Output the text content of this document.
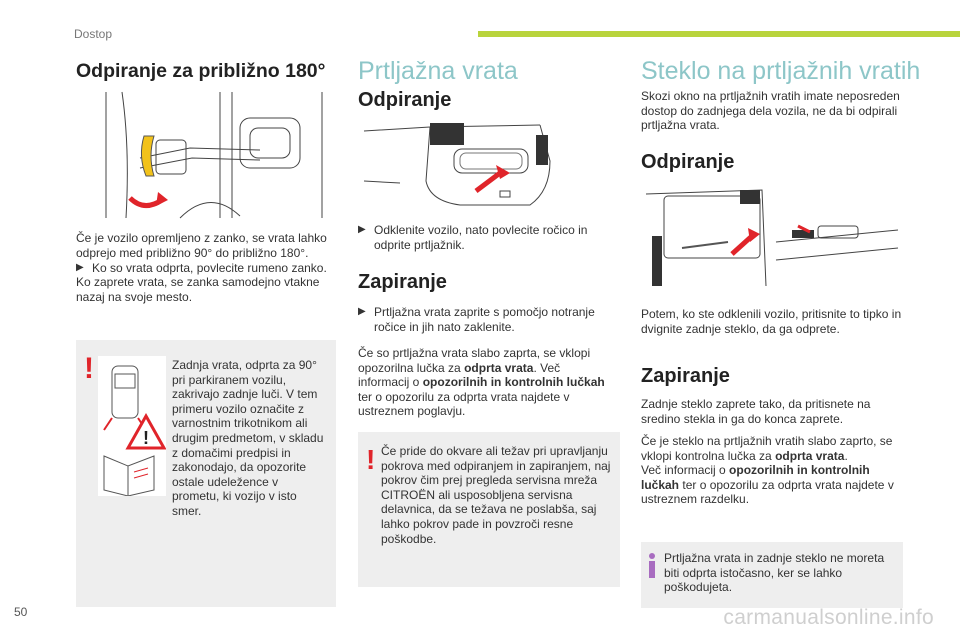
Dostop
Odpiranje za približno 180°
Če je vozilo opremljeno z zanko, se vrata lahko odprejo med približno 90° do približno 180°.
▶ Ko so vrata odprta, povlecite rumeno zanko.
Ko zaprete vrata, se zanka samodejno vtakne nazaj na svoje mesto.
!
!
Zadnja vrata, odprta za 90° pri parkiranem vozilu, zakrivajo zadnje luči. V tem primeru vozilo označite z varnostnim trikotnikom ali drugim predmetom, v skladu z domačimi predpisi in zakonodajo, da opozorite ostale udeležence v prometu, ki vozijo v isto smer.
Prtljažna vrata
Odpiranje
▶ Odklenite vozilo, nato povlecite ročico in odprite prtljažnik.
Zapiranje
▶ Prtljažna vrata zaprite s pomočjo notranje ročice in jih nato zaklenite.
Če so prtljažna vrata slabo zaprta, se vklopi opozorilna lučka za odprta vrata. Več informacij o opozorilnih in kontrolnih lučkah ter o opozorilu za odprta vrata najdete v ustreznem poglavju.
! Če pride do okvare ali težav pri upravljanju pokrova med odpiranjem in zapiranjem, naj pokrov čim prej pregleda servisna mreža CITROËN ali usposobljena servisna delavnica, da se težava ne poslabša, saj lahko pokrov pade in povzroči resne poškodbe.
Steklo na prtljažnih vratih
Skozi okno na prtljažnih vratih imate neposreden dostop do zadnjega dela vozila, ne da bi odpirali prtljažna vrata.
Odpiranje
Potem, ko ste odklenili vozilo, pritisnite to tipko in dvignite zadnje steklo, da ga odprete.
Zapiranje
Zadnje steklo zaprete tako, da pritisnete na sredino stekla in ga do konca zaprete.
Če je steklo na prtljažnih vratih slabo zaprto, se vklopi kontrolna lučka za odprta vrata.
Več informacij o opozorilnih in kontrolnih lučkah ter o opozorilu za odprta vrata najdete v ustreznem razdelku.
Prtljažna vrata in zadnje steklo ne moreta biti odprta istočasno, ker se lahko poškodujeta.
50	carmanualsonline.info
